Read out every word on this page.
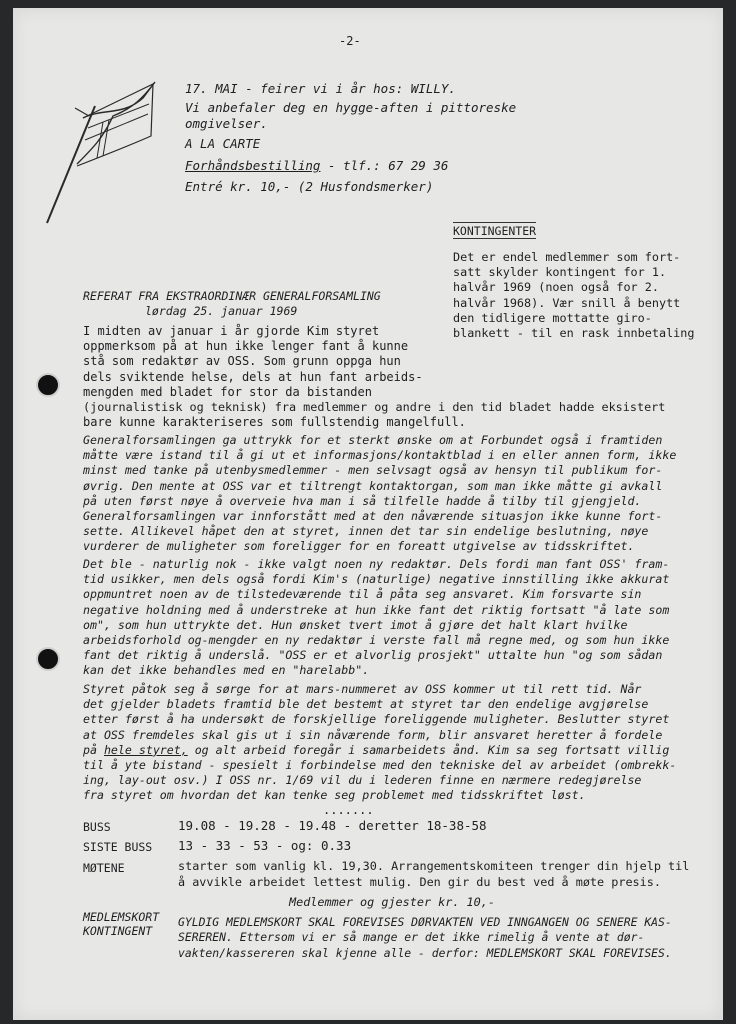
-2-
17. MAI - feirer vi i år hos: WILLY.
Vi anbefaler deg en hygge-aften i pittoreske
omgivelser.
A LA CARTE
Forhåndsbestilling - tlf.: 67 29 36
Entré kr. 10,- (2 Husfondsmerker)
KONTINGENTER
Det er endel medlemmer som fort-
satt skylder kontingent for 1.
halvår 1969 (noen også for 2.
halvår 1968). Vær snill å benytt
den tidligere mottatte giro-
blankett - til en rask innbetaling
REFERAT FRA EKSTRAORDINÆR GENERALFORSAMLING
lørdag 25. januar 1969
I midten av januar i år gjorde Kim styret
oppmerksom på at hun ikke lenger fant å kunne
stå som redaktør av OSS. Som grunn oppga hun
dels sviktende helse, dels at hun fant arbeids-
mengden med bladet for stor da bistanden
(journalistisk og teknisk) fra medlemmer og andre i den tid bladet hadde eksistert
bare kunne karakteriseres som fullstendig mangelfull.
Generalforsamlingen ga uttrykk for et sterkt ønske om at Forbundet også i framtiden
måtte være istand til å gi ut et informasjons/kontaktblad i en eller annen form, ikke
minst med tanke på utenbysmedlemmer - men selvsagt også av hensyn til publikum for-
øvrig. Den mente at OSS var et tiltrengt kontaktorgan, som man ikke måtte gi avkall
på uten først nøye å overveie hva man i så tilfelle hadde å tilby til gjengjeld.
Generalforsamlingen var innforstått med at den nåværende situasjon ikke kunne fort-
sette. Allikevel håpet den at styret, innen det tar sin endelige beslutning, nøye
vurderer de muligheter som foreligger for en foreatt utgivelse av tidsskriftet.
Det ble - naturlig nok - ikke valgt noen ny redaktør. Dels fordi man fant OSS' fram-
tid usikker, men dels også fordi Kim's (naturlige) negative innstilling ikke akkurat
oppmuntret noen av de tilstedeværende til å påta seg ansvaret. Kim forsvarte sin
negative holdning med å understreke at hun ikke fant det riktig fortsatt "å late som
om", som hun uttrykte det. Hun ønsket tvert imot å gjøre det halt klart hvilke
arbeidsforhold og-mengder en ny redaktør i verste fall må regne med, og som hun ikke
fant det riktig å underslå. "OSS er et alvorlig prosjekt" uttalte hun "og som sådan
kan det ikke behandles med en "harelabb".
Styret påtok seg å sørge for at mars-nummeret av OSS kommer ut til rett tid. Når
det gjelder bladets framtid ble det bestemt at styret tar den endelige avgjørelse
etter først å ha undersøkt de forskjellige foreliggende muligheter. Beslutter styret
at OSS fremdeles skal gis ut i sin nåværende form, blir ansvaret heretter å fordele
på hele styret, og alt arbeid foregår i samarbeidets ånd. Kim sa seg fortsatt villig
til å yte bistand - spesielt i forbindelse med den tekniske del av arbeidet (ombrekk-
ing, lay-out osv.) I OSS nr. 1/69 vil du i lederen finne en nærmere redegjørelse
fra styret om hvordan det kan tenke seg problemet med tidsskriftet løst.
.......
BUSS	19.08 - 19.28 - 19.48 - deretter 18-38-58
SISTE BUSS 13 - 33 - 53 - og: 0.33
MØTENE	starter som vanlig kl. 19,30. Arrangementskomiteen trenger din hjelp til
å avvikle arbeidet lettest mulig. Den gir du best ved å møte presis.
Medlemmer og gjester kr. 10,-
MEDLEMSKORT
KONTINGENT
GYLDIG MEDLEMSKORT SKAL FOREVISES DØRVAKTEN VED INNGANGEN OG SENERE KAS-
SEREREN. Ettersom vi er så mange er det ikke rimelig å vente at dør-
vakten/kassereren skal kjenne alle - derfor: MEDLEMSKORT SKAL FOREVISES.
